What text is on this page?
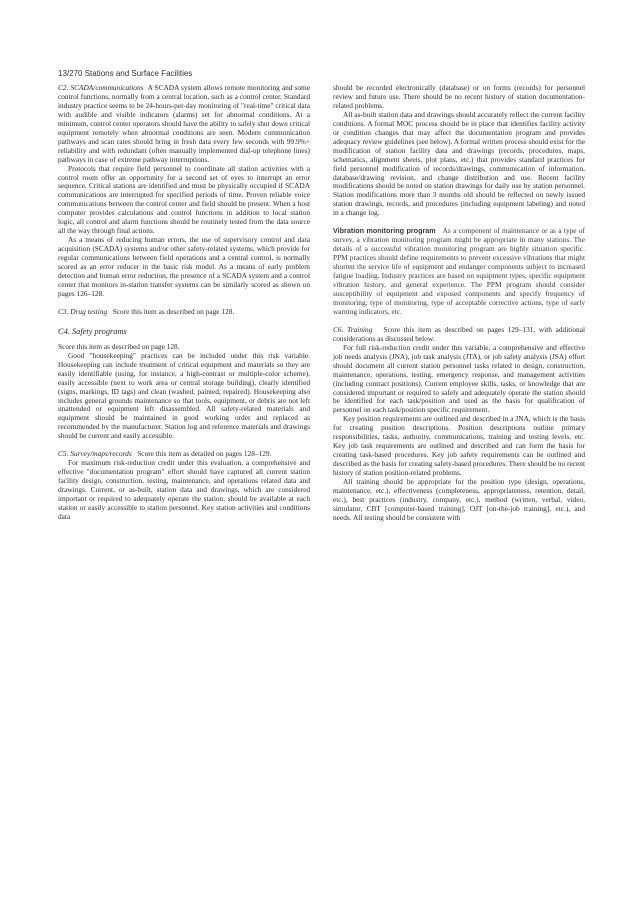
13/270 Stations and Surface Facilities

C2. SCADA/communications A SCADA system allows remote monitoring and some control functions, normally from a central location, such as a control center. Standard industry practice seems to be 24-hours-per-day monitoring of "real-time" critical data with audible and visible indicators (alarms) set for abnormal conditions. At a minimum, control center operators should have the ability to safely shut down critical equipment remotely when abnormal conditions are seen. Modern communication pathways and scan rates should bring in fresh data every few seconds with 99.9%+ reliability and with redundant (often manually implemented dial-up telephone lines) pathways in case of extreme pathway interruptions.

Protocols that require field personnel to coordinate all station activities with a control room offer an opportunity for a second set of eyes to interrupt an error sequence. Critical stations are identified and must be physically occupied if SCADA communications are interrupted for specified periods of time. Proven reliable voice communications between the control center and field should be present. When a host computer provides calculations and control functions in addition to local station logic, all control and alarm functions should be routinely tested from the data source all the way through final actions.

As a means of reducing human errors, the use of supervisory control and data acquisition (SCADA) systems and/or other safety-related systems, which provide for regular communications between field operations and a central control, is normally scored as an error reducer in the basic risk model. As a means of early problem detection and human error reduction, the presence of a SCADA system and a control center that monitors in-station transfer systems can be similarly scored as shown on pages 126–128.

C3. Drug testing Score this item as described on page 128.

C4. Safety programs

Score this item as described on page 128.

Good "housekeeping" practices can be included under this risk variable. Housekeeping can include treatment of critical equipment and materials so they are easily identifiable (using, for instance, a high-contrast or multiple-color scheme), easily accessible (next to work area or central storage building), clearly identified (signs, markings, ID tags) and clean (washed, painted, repaired). Housekeeping also includes general grounds maintenance so that tools, equipment, or debris are not left unattended or equipment left disassembled. All safety-related materials and equipment should be maintained in good working order and replaced as recommended by the manufacturer. Station log and reference materials and drawings should be current and easily accessible.

C5. Survey/maps/records Score this item as detailed on pages 128–129.

For maximum risk-reduction credit under this evaluation, a comprehensive and effective "documentation program" effort should have captured all current station facility design, construction, testing, maintenance, and operations related data and drawings. Current, or as-built, station data and drawings, which are considered important or required to adequately operate the station, should be available at each station or easily accessible to station personnel. Key station activities and conditions data

should be recorded electronically (database) or on forms (records) for personnel review and future use. There should be no recent history of station documentation-related problems.

All as-built station data and drawings should accurately reflect the current facility conditions. A formal MOC process should be in place that identifies facility activity or condition changes that may affect the documentation program and provides adequacy review guidelines (see below). A formal written process should exist for the modification of station facility data and drawings (records, procedures, maps, schematics, alignment sheets, plot plans, etc.) that provides standard practices for field personnel modification of records/drawings, communication of information, database/drawing revision, and change distribution and use. Recent facility modifications should be noted on station drawings for daily use by station personnel. Station modifications more than 3 months old should be reflected on newly issued station drawings, records, and procedures (including equipment labeling) and noted in a change log.

Vibration monitoring program As a component of maintenance or as a type of survey, a vibration monitoring program might be appropriate in many stations. The details of a successful vibration monitoring program are highly situation specific. PPM practices should define requirements to prevent excessive vibrations that might shorten the service life of equipment and endanger components subject to increased fatigue loading. Industry practices are based on equipment types, specific equipment vibration history, and general experience. The PPM program should consider susceptibility of equipment and exposed components and specify frequency of monitoring, type of monitoring, type of acceptable corrective actions, type of early warning indicators, etc.

C6. Training Score this item as described on pages 129–131, with additional considerations as discussed below.

For full risk-reduction credit under this variable, a comprehensive and effective job needs analysis (JNA), job task analysis (JTA), or job safety analysis (JSA) effort should document all current station personnel tasks related to design, construction, maintenance, operations, testing, emergency response, and management activities (including contract positions). Current employee skills, tasks, or knowledge that are considered important or required to safely and adequately operate the station should be identified for each task/position and used as the basis for qualification of personnel on each task/position specific requirement.

Key position requirements are outlined and described in a JNA, which is the basis for creating position descriptions. Position descriptions outline primary responsibilities, tasks, authority, communications, training and testing levels, etc. Key job task requirements are outlined and described and can form the basis for creating task-based procedures. Key job safety requirements can be outlined and described as the basis for creating safety-based procedures. There should be no recent history of station position-related problems.

All training should be appropriate for the position type (design, operations, maintenance, etc.), effectiveness (completeness, appropriateness, retention, detail, etc.), best practices (industry, company, etc.), method (written, verbal, video, simulator, CBT [computer-based training], OJT [on-the-job training], etc.), and needs. All testing should be consistent with
